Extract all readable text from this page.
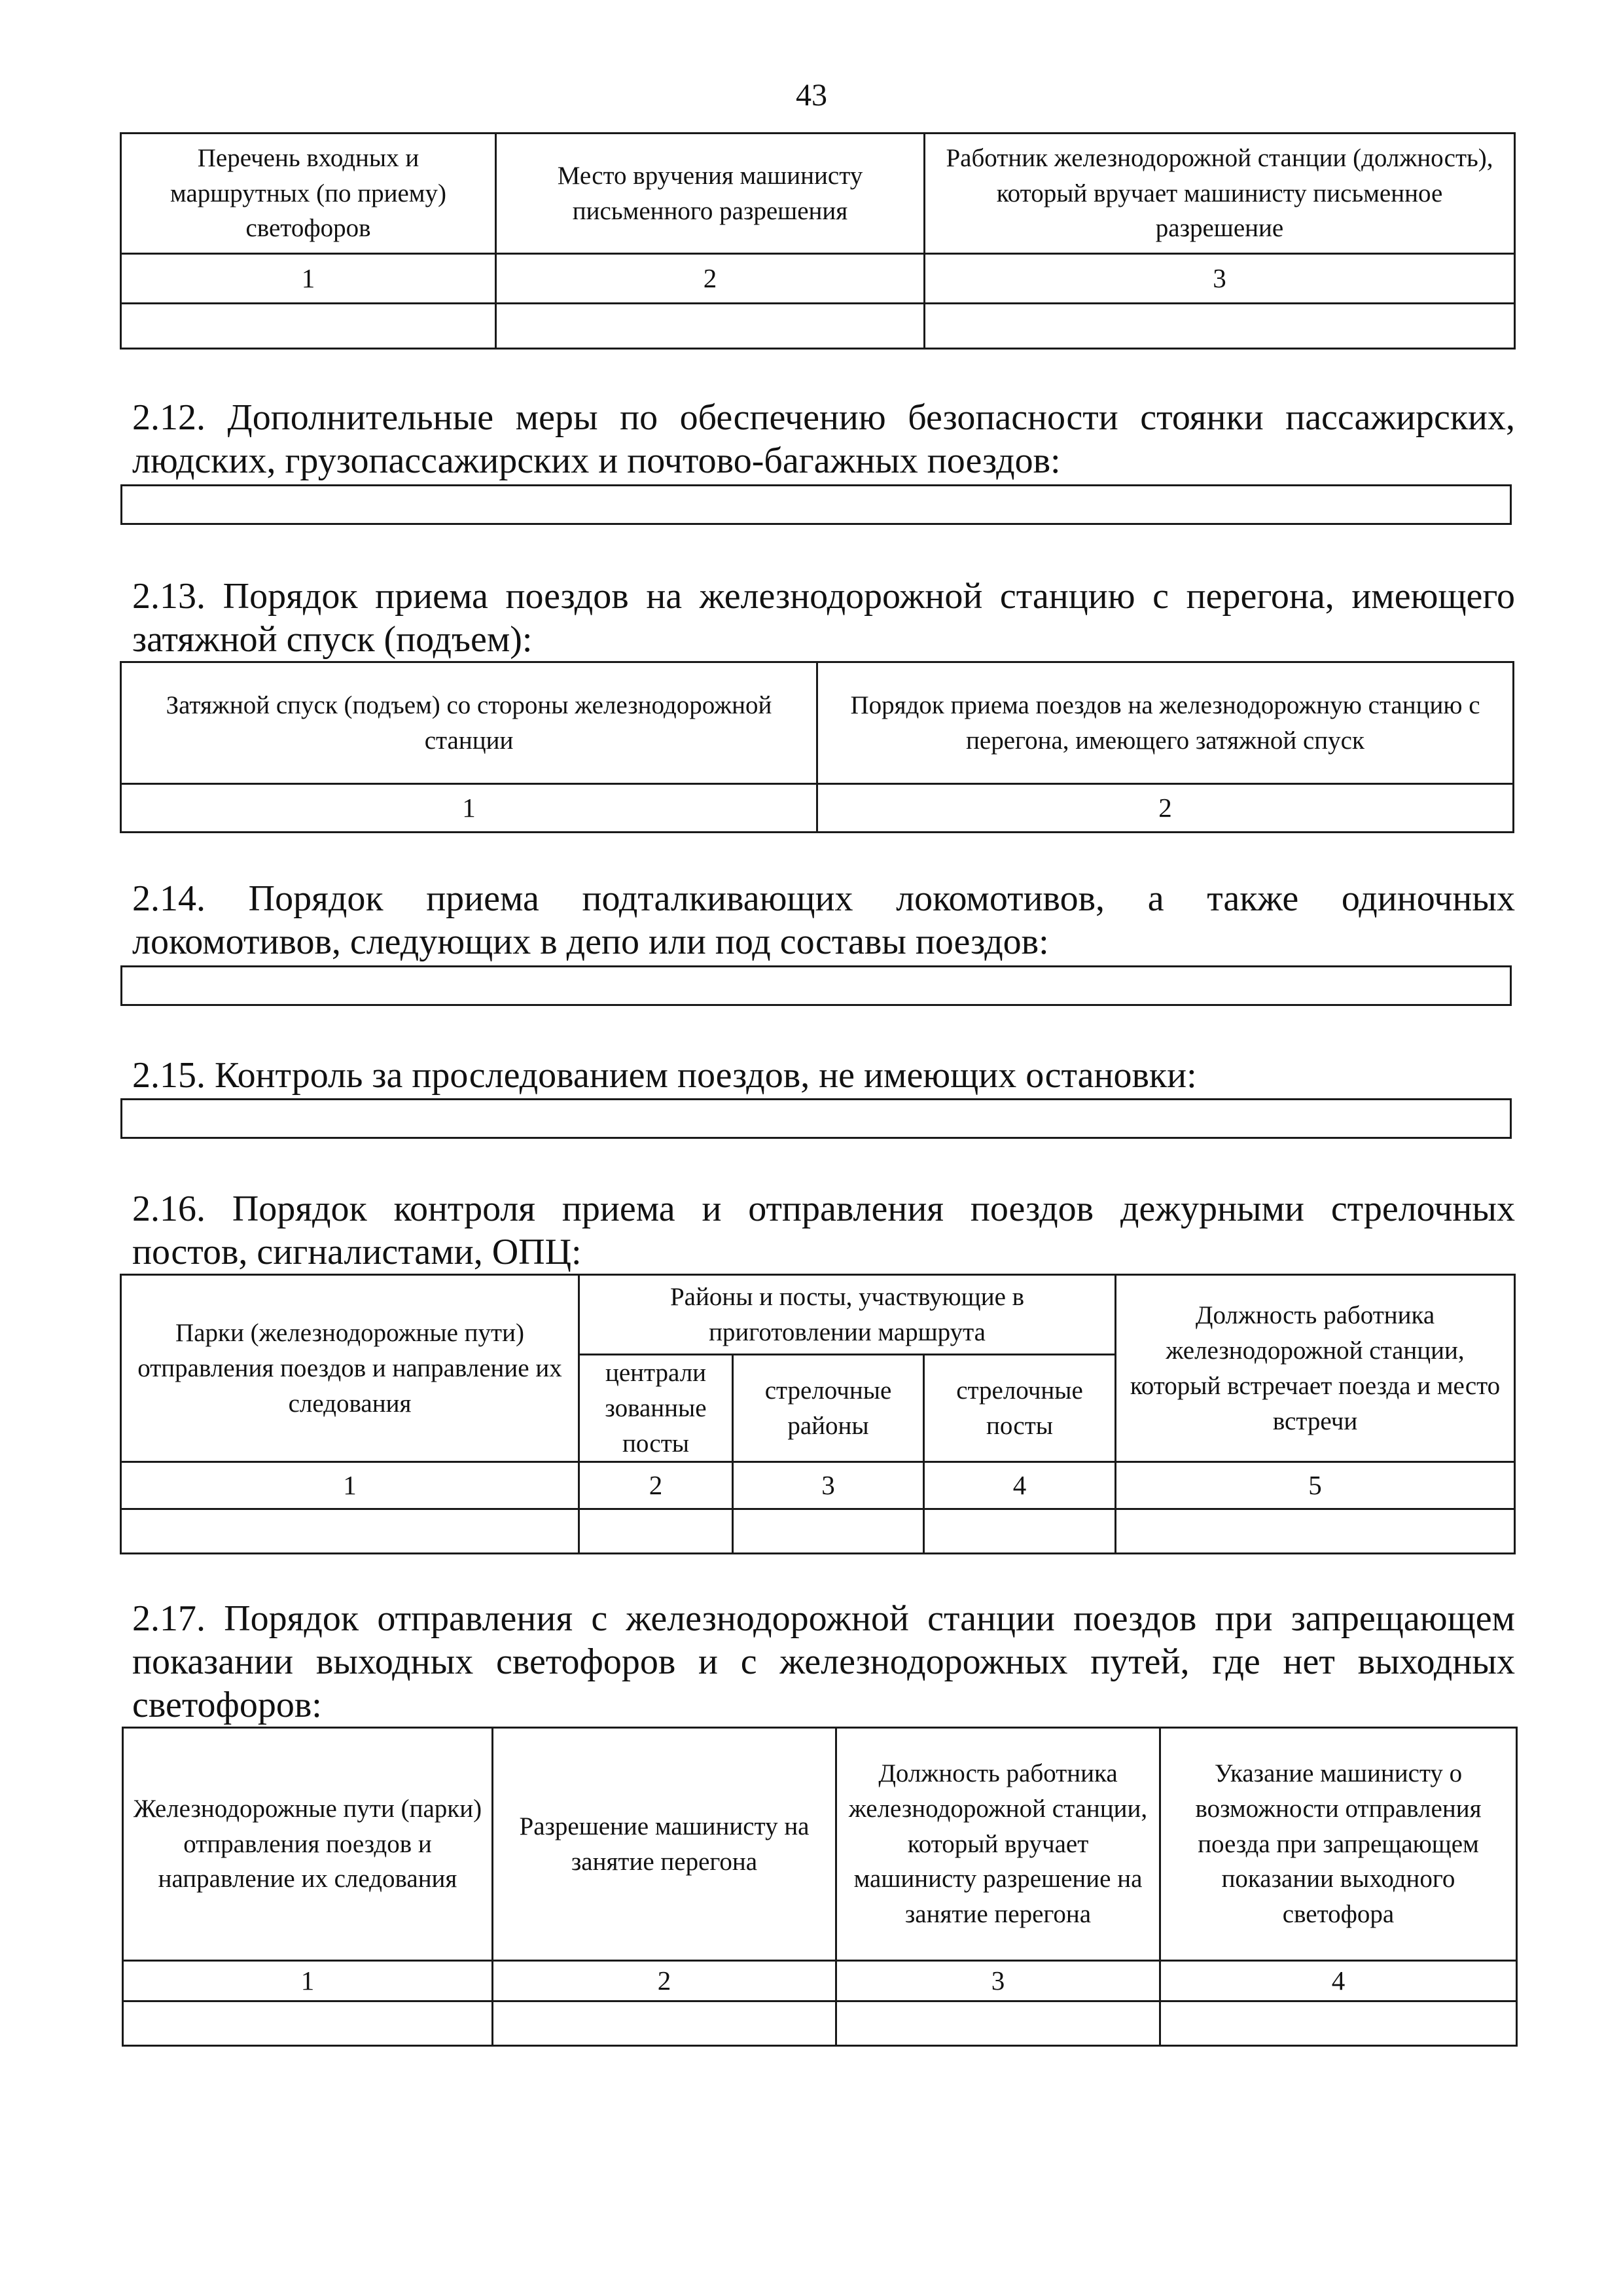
43
Перечень входных и маршрутных (по приему) светофоров	Место вручения машинисту письменного разрешения	Работник железнодорожной станции (должность), который вручает машинисту письменное разрешение
1	2	3

2.12. Дополнительные меры по обеспечению безопасности стоянки пассажирских,
людских, грузопассажирских и почтово-багажных поездов:
2.13. Порядок приема поездов на железнодорожной станцию с перегона, имеющего
затяжной спуск (подъем):
Затяжной спуск (подъем) со стороны железнодорожной станции	Порядок приема поездов на железнодорожную станцию с перегона, имеющего затяжной спуск
1	2
2.14. Порядок приема подталкивающих локомотивов, а также одиночных
локомотивов, следующих в депо или под составы поездов:
2.15. Контроль за проследованием поездов, не имеющих остановки:
2.16. Порядок контроля приема и отправления поездов дежурными стрелочных
постов, сигналистами, ОПЦ:
Парки (железнодорожные пути) отправления поездов и направление их следования	Районы и посты, участвующие в приготовлении маршрута			Должность работника железнодорожной станции, который встречает поезда и место встречи
	централи зованные посты	стрелочные районы	стрелочные посты	
1	2	3	4	5

2.17. Порядок отправления с железнодорожной станции поездов при запрещающем
показании выходных светофоров и с железнодорожных путей, где нет выходных
светофоров:
Железнодорожные пути (парки) отправления поездов и направление их следования	Разрешение машинисту на занятие перегона	Должность работника железнодорожной станции, который вручает машинисту разрешение на занятие перегона	Указание машинисту о возможности отправления поезда при запрещающем показании выходного светофора
1	2	3	4
